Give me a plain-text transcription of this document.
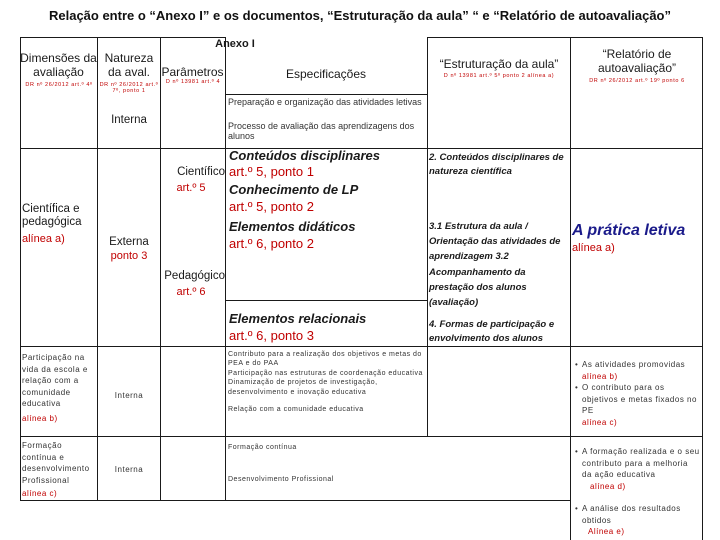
Relação entre o “Anexo I” e os documentos, “Estruturação da aula” “ e “Relatório de autoavaliação”
Anexo I
Dimensões da avaliação
DR nº 26/2012 art.º 4º
Natureza da aval.
DR nº 26/2012 art.º 7º, ponto 1
Parâmetros
D nº 13981 art.º 4
Especificações
“Estruturação da aula”
D nº 13981 art.º 5º ponto 2 alínea a)
“Relatório de autoavaliação”
DR nº 26/2012 art.º 19º ponto 6
Interna
Preparação e organização das atividades letivas
Processo de avaliação das aprendizagens dos alunos
Científica e pedagógica
alínea a)	Externa
ponto 3
Científico
art.º 5
Pedagógico
art.º 6
Conteúdos disciplinares
art.º 5, ponto 1
Conhecimento de LP
art.º 5, ponto 2
Elementos didáticos
art.º 6, ponto 2
Elementos relacionais
art.º 6, ponto 3
2. Conteúdos disciplinares de natureza científica
3.1 Estrutura da aula / Orientação das atividades de aprendizagem 3.2 Acompanhamento da prestação dos alunos (avaliação)
4. Formas de participação e envolvimento dos alunos
A prática letiva
alínea a)
Participação na vida da escola e relação com a comunidade educativa
alínea b)
Interna
Contributo para a realização dos objetivos e metas do PEA e do PAA
Participação nas estruturas de coordenação educativa
Dinamização de projetos de investigação, desenvolvimento e inovação educativa
Relação com a comunidade educativa
• As atividades promovidas
alínea b)
• O contributo para os objetivos e metas fixados no PE
alínea c)
Formação contínua e desenvolvimento Profissional
alínea c)
Interna
Formação contínua
Desenvolvimento Profissional
• A formação realizada e o seu contributo para a melhoria da ação educativa
alínea d)
• A análise dos resultados obtidos
Alínea e)
